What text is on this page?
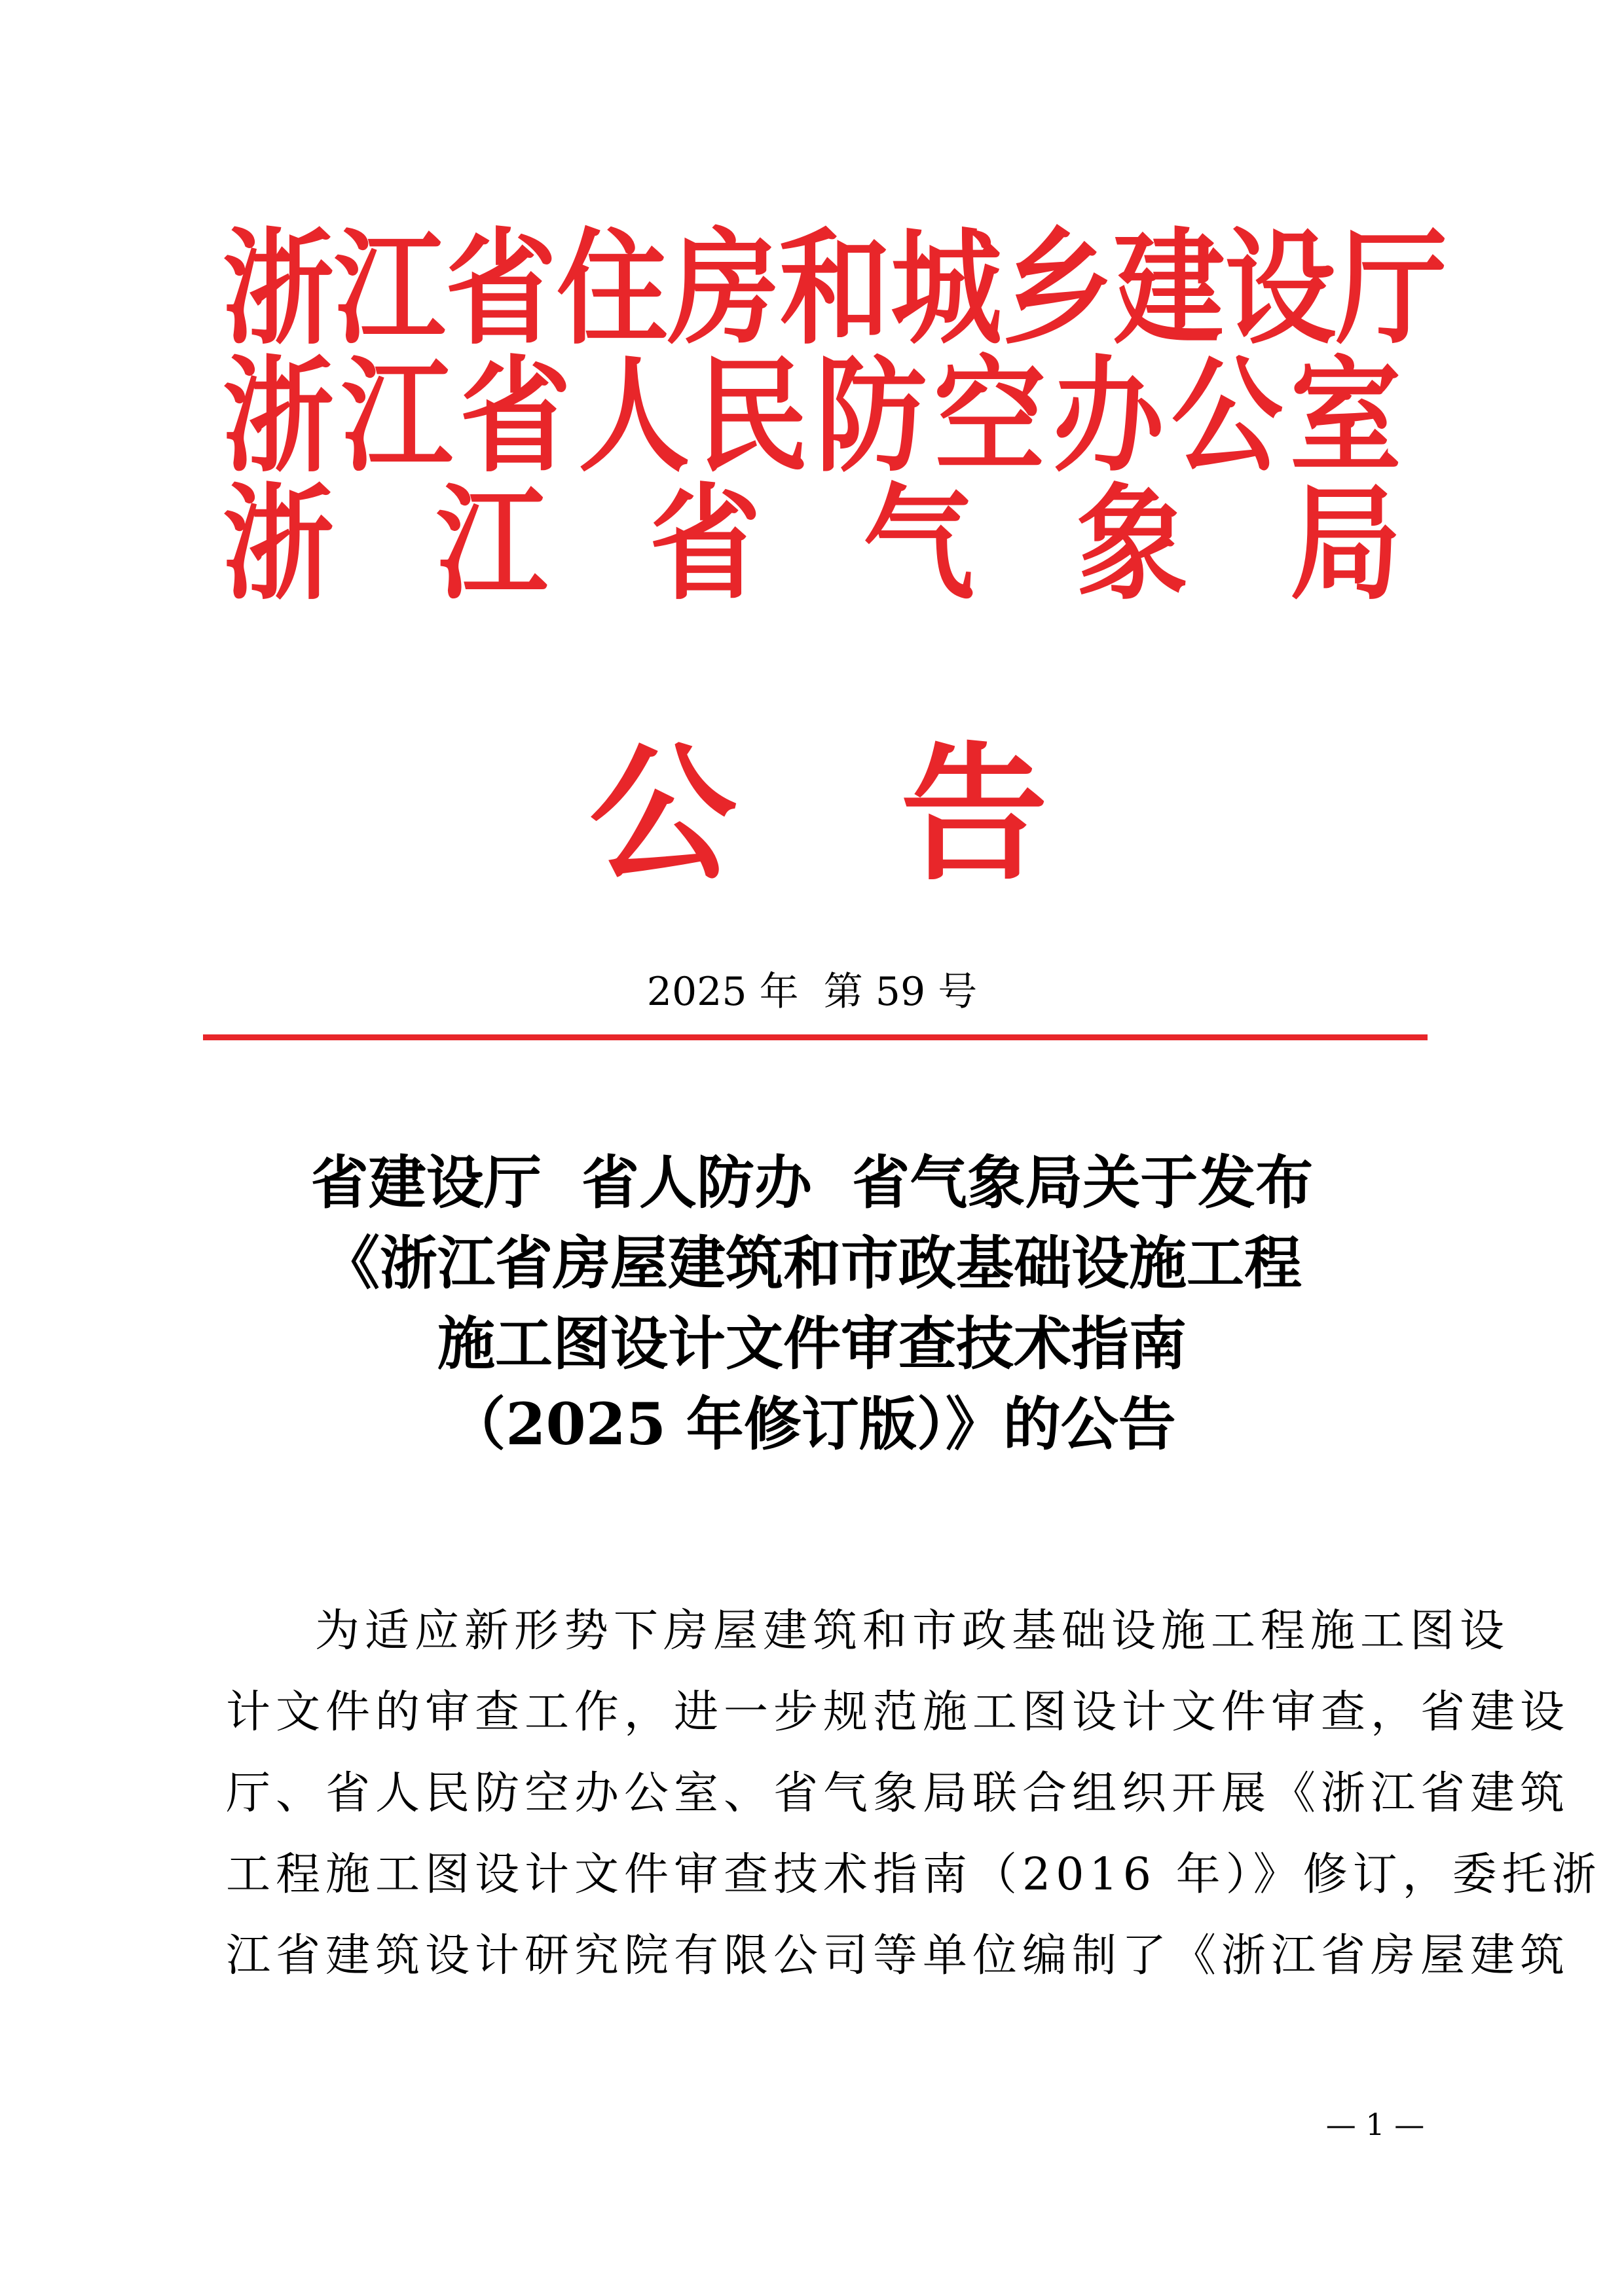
浙 江 省 住 房 和 城 乡 建 设 厅
浙 江 省 人 民 防 空 办 公 室
浙 江 省 气 象 局
公 告
2025 年  第 59 号
省建设厅  省人防办  省气象局关于发布
《浙江省房屋建筑和市政基础设施工程
施工图设计文件审查技术指南
（2025 年修订版）》的公告
为适应新形势下房屋建筑和市政基础设施工程施工图设
计文件的审查工作，进一步规范施工图设计文件审查，省建设
厅、省人民防空办公室、省气象局联合组织开展《浙江省建筑
工程施工图设计文件审查技术指南（2016 年）》修订，委托浙
江省建筑设计研究院有限公司等单位编制了《浙江省房屋建筑
— 1 —
